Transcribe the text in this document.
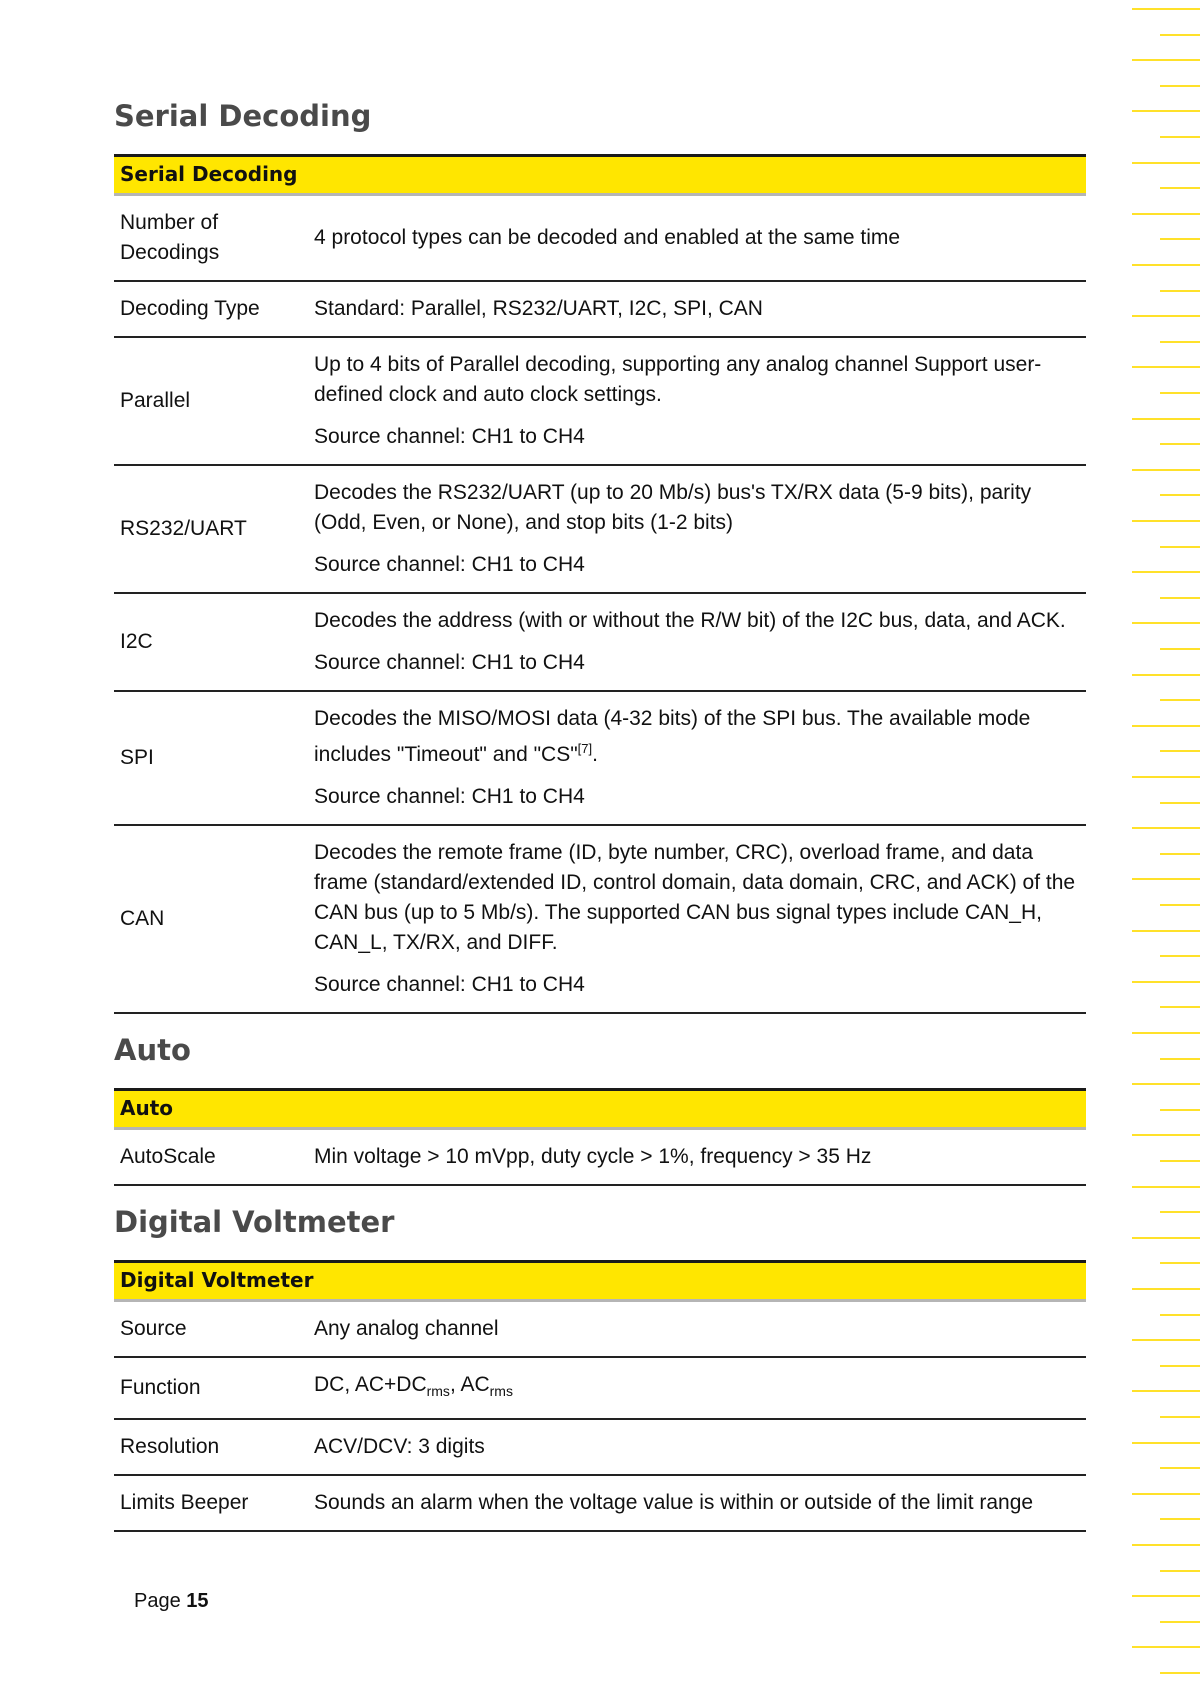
Serial Decoding
Serial Decoding	
Number of Decodings	4 protocol types can be decoded and enabled at the same time

Decoding Type	Standard: Parallel, RS232/UART, I2C, SPI, CAN

Parallel	Up to 4 bits of Parallel decoding, supporting any analog channel Support user-defined clock and auto clock settings.
Source channel: CH1 to CH4

RS232/UART	Decodes the RS232/UART (up to 20 Mb/s) bus's TX/RX data (5-9 bits), parity (Odd, Even, or None), and stop bits (1-2 bits)
Source channel: CH1 to CH4

I2C	Decodes the address (with or without the R/W bit) of the I2C bus, data, and ACK.
Source channel: CH1 to CH4

SPI	Decodes the MISO/MOSI data (4-32 bits) of the SPI bus. The available mode includes "Timeout" and "CS"[7].
Source channel: CH1 to CH4

CAN	Decodes the remote frame (ID, byte number, CRC), overload frame, and data frame (standard/extended ID, control domain, data domain, CRC, and ACK) of the CAN bus (up to 5 Mb/s). The supported CAN bus signal types include CAN_H, CAN_L, TX/RX, and DIFF.
Source channel: CH1 to CH4
Auto
Auto
AutoScale	Min voltage > 10 mVpp, duty cycle > 1%, frequency > 35 Hz
Digital Voltmeter
Digital Voltmeter	
Source	Any analog channel

Function	DC, $AC+DC_{rms}$, $AC_{rms}$
Resolution	ACV/DCV: 3 digits

Limits Beeper	Sounds an alarm when the voltage value is within or outside of the limit range
Page 15
